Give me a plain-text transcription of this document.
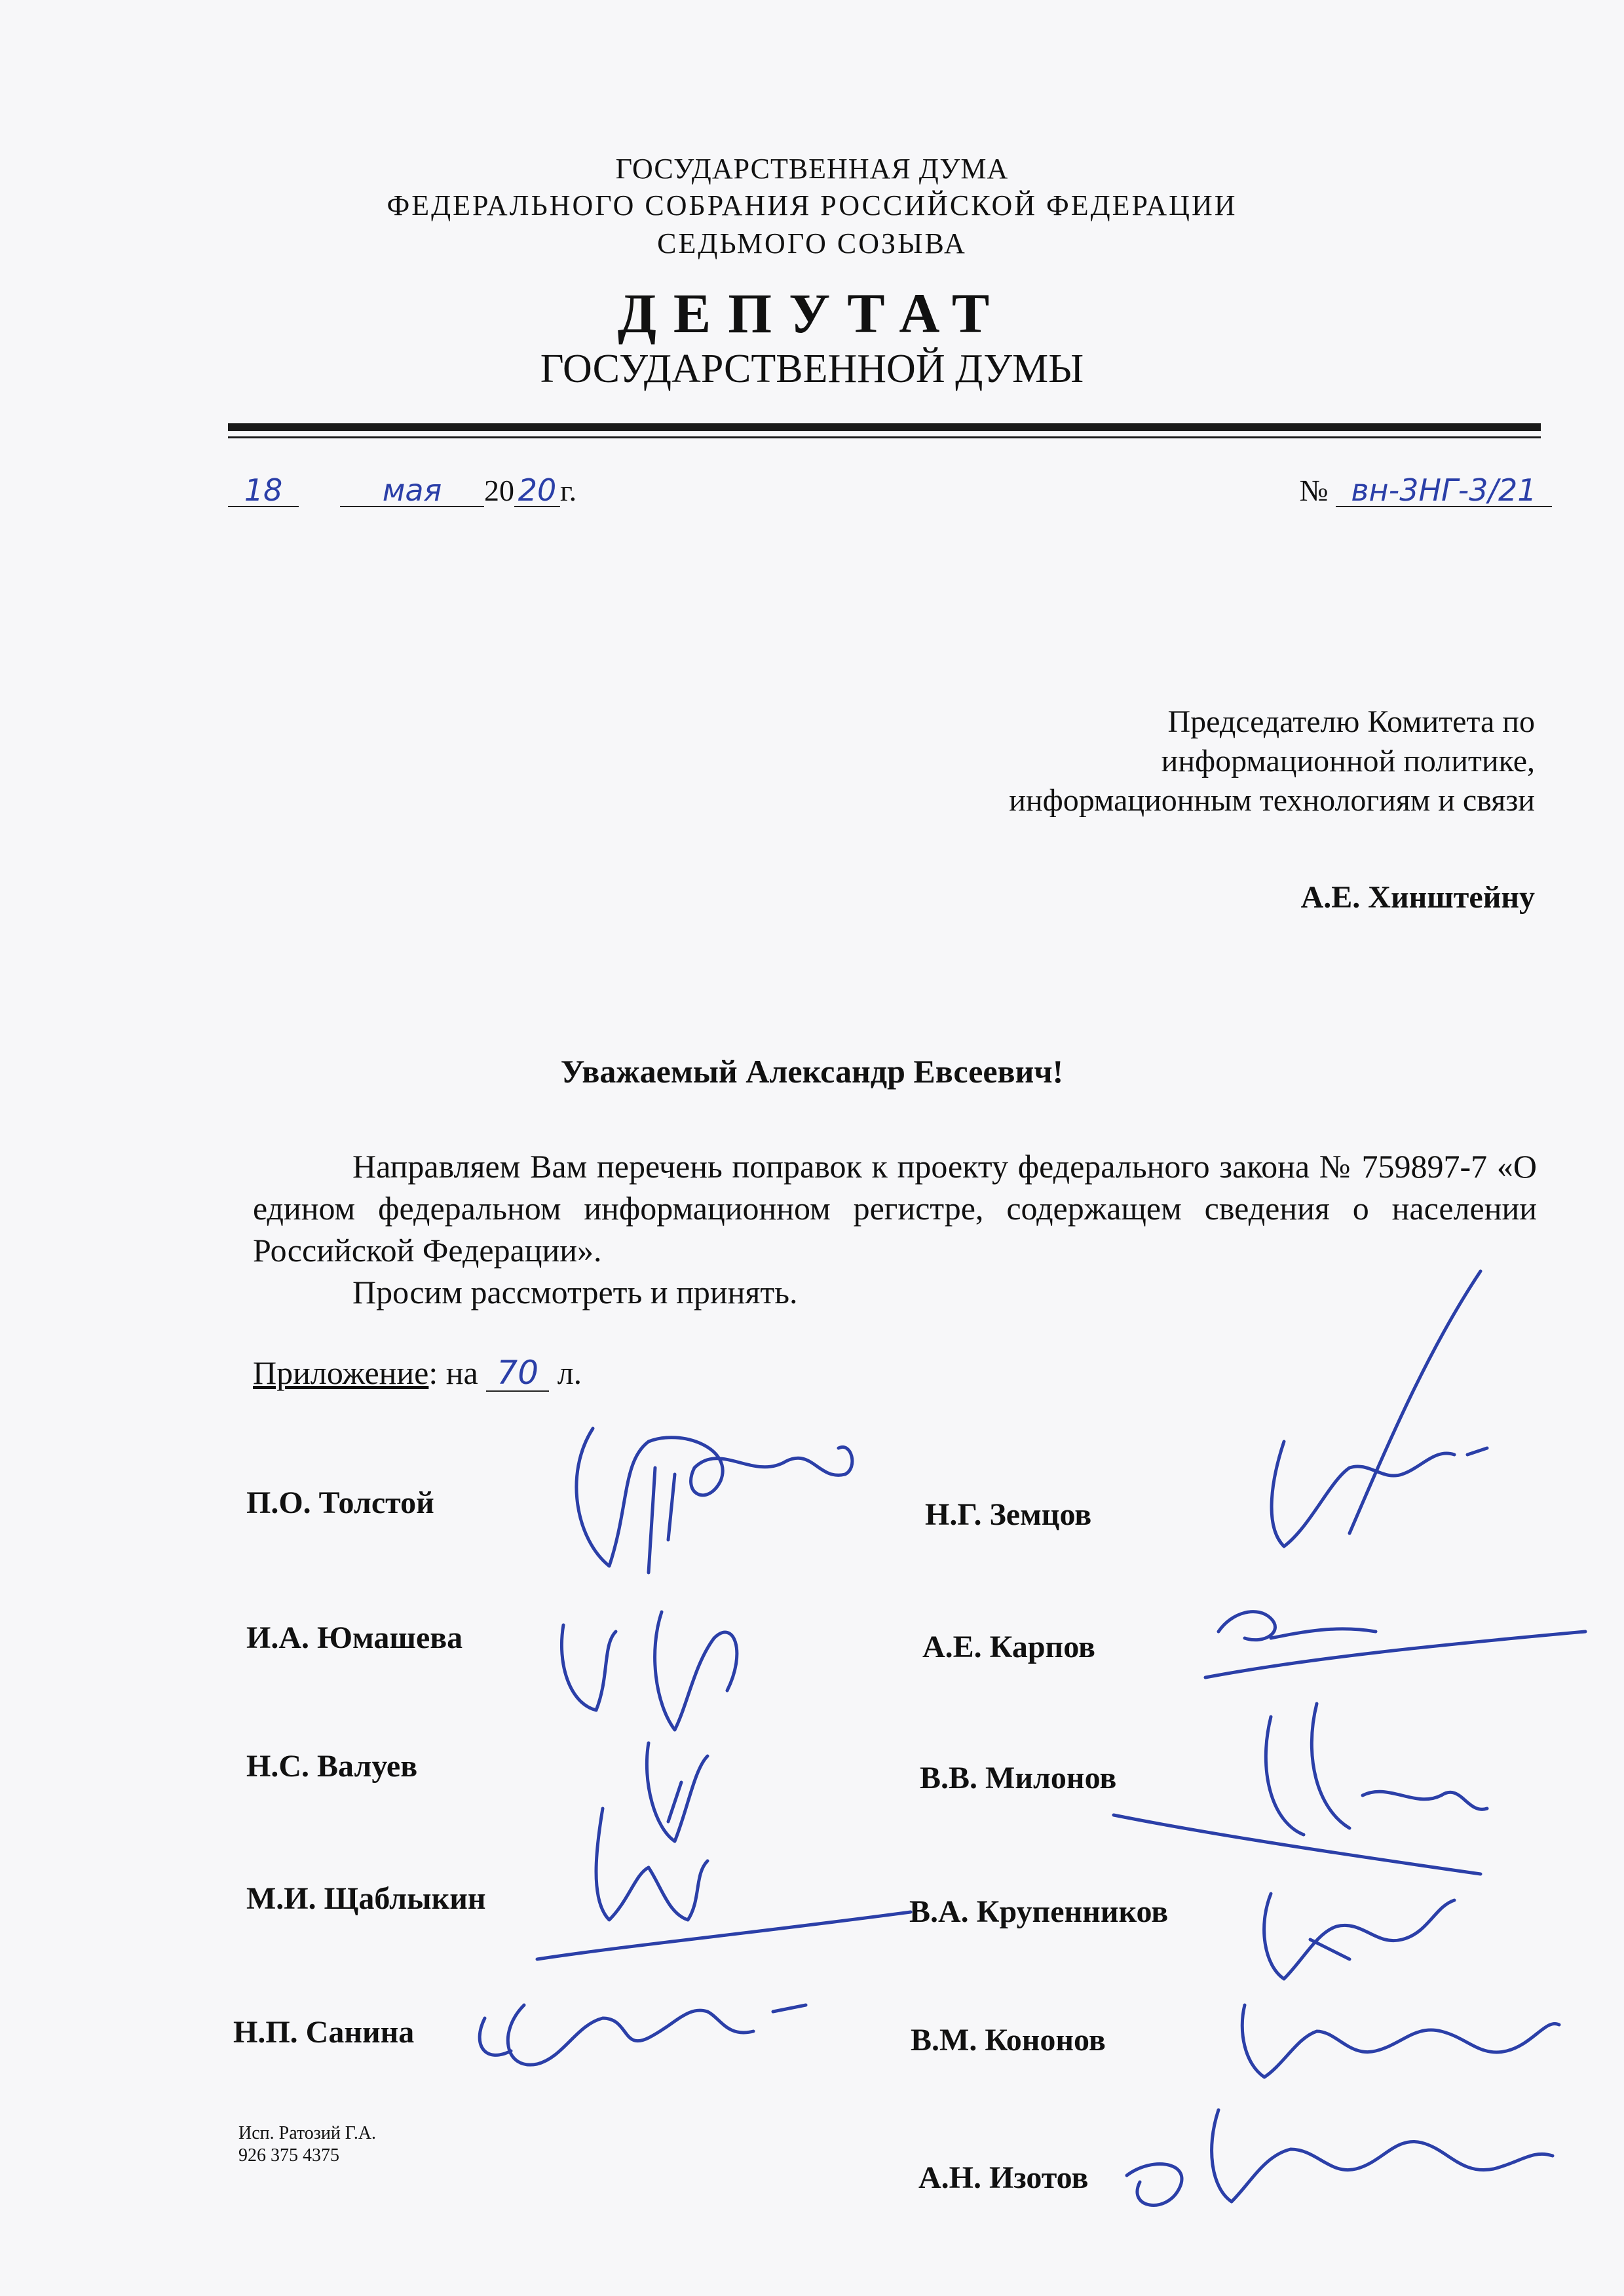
ГОСУДАРСТВЕННАЯ ДУМА
ФЕДЕРАЛЬНОГО СОБРАНИЯ РОССИЙСКОЙ ФЕДЕРАЦИИ
СЕДЬМОГО СОЗЫВА
ДЕПУТАТ
ГОСУДАРСТВЕННОЙ ДУМЫ
18	мая 20 20 г.	№ вн-3НГ-3/21
Председателю Комитета по
информационной политике,
информационным технологиям и связи
А.Е. Хинштейну
Уважаемый Александр Евсеевич!
Направляем Вам перечень поправок к проекту федерального закона № 759897-7 «О едином федеральном информационном регистре, содержащем сведения о населении Российской Федерации».
Просим рассмотреть и принять.
Приложение: на 70 л.
П.О. Толстой
И.А. Юмашева
Н.С. Валуев
М.И. Щаблыкин
Н.П. Санина
Н.Г. Земцов
А.Е. Карпов
В.В. Милонов
В.А. Крупенников
В.М. Кононов
А.Н. Изотов
Исп. Ратозий Г.А.
926 375 4375
